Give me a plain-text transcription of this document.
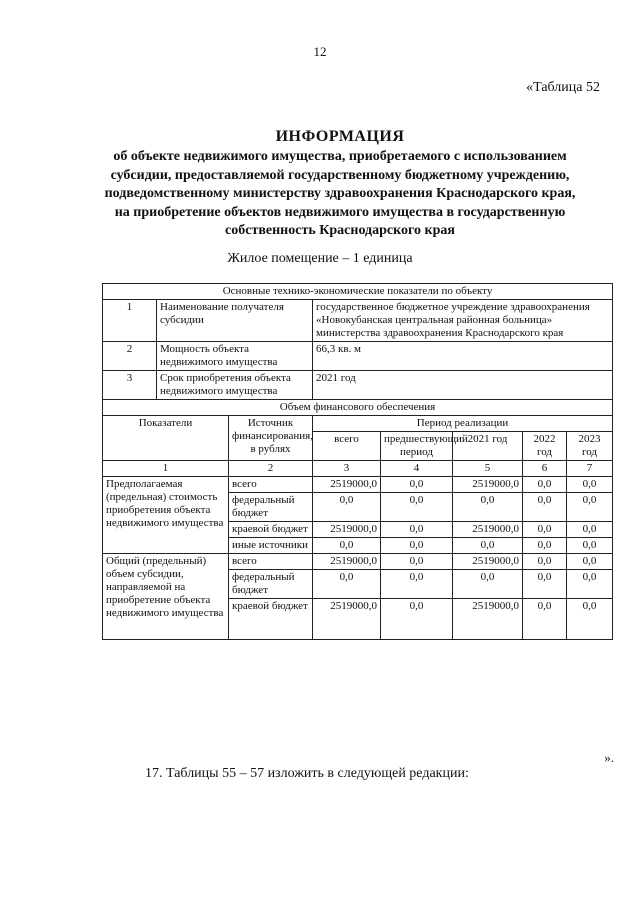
12
«Таблица 52
ИНФОРМАЦИЯ
об объекте недвижимого имущества, приобретаемого с использованием
субсидии, предоставляемой государственному бюджетному учреждению,
подведомственному министерству здравоохранения Краснодарского края,
на приобретение объектов недвижимого имущества в государственную
собственность Краснодарского края
Жилое помещение – 1 единица
Основные технико-экономические показатели по объекту							
1	Наименование получателя субсидии		государственное бюджетное учреждение здравоохранения «Новокубанская центральная районная больница» министерства здравоохранения Краснодарского края				
2	Мощность объекта недвижимого имущества		66,3 кв. м				
3	Срок приобретения объекта недвижимого имущества		2021 год				
Объем финансового обеспечения							
Показатели		Источник финансирования, в рублях	Период реализации				
			всего	предшествующий период	2021 год	2022 год	2023 год
1		2	3	4	5	6	7
Предполагаемая (предельная) стоимость приобретения объекта недвижимого имущества		всего	2519000,0	0,0	2519000,0	0,0	0,0
		федеральный бюджет	0,0	0,0	0,0	0,0	0,0
		краевой бюджет	2519000,0	0,0	2519000,0	0,0	0,0
		иные источники	0,0	0,0	0,0	0,0	0,0
Общий (предельный) объем субсидии, направляемой на приобретение объекта недвижимого имущества		всего	2519000,0	0,0	2519000,0	0,0	0,0
		федеральный бюджет	0,0	0,0	0,0	0,0	0,0
		краевой бюджет	2519000,0	0,0	2519000,0	0,0	0,0
».
17. Таблицы 55 – 57 изложить в следующей редакции:
